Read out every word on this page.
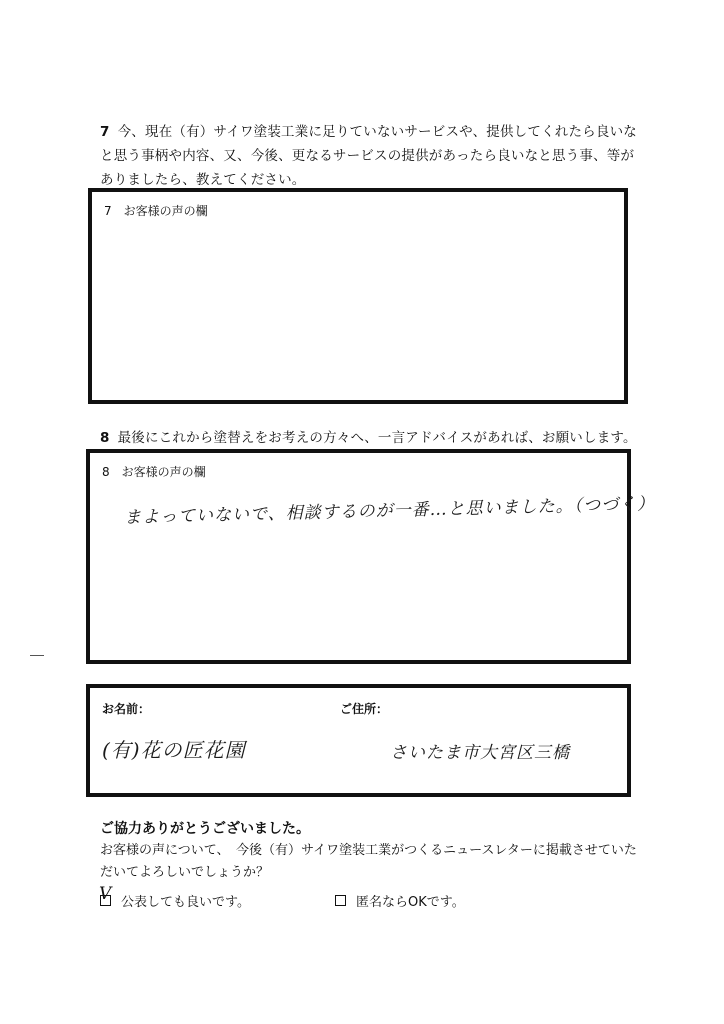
7 今、現在（有）サイワ塗装工業に足りていないサービスや、提供してくれたら良いなと思う事柄や内容、又、今後、更なるサービスの提供があったら良いなと思う事、等がありましたら、教えてください。
7　お客様の声の欄
8 最後にこれから塗替えをお考えの方々へ、一言アドバイスがあれば、お願いします。
8　お客様の声の欄
まよっていないで、相談するのが一番…と思いました。（つづく）
お名前：	ご住所：
(有)花の匠花園	さいたま市大宮区三橋
ご協力ありがとうございました。
お客様の声について、　今後（有）サイワ塗装工業がつくるニュースレターに掲載させていただいてよろしいでしょうか？
V 公表しても良いです。	匿名ならOKです。
